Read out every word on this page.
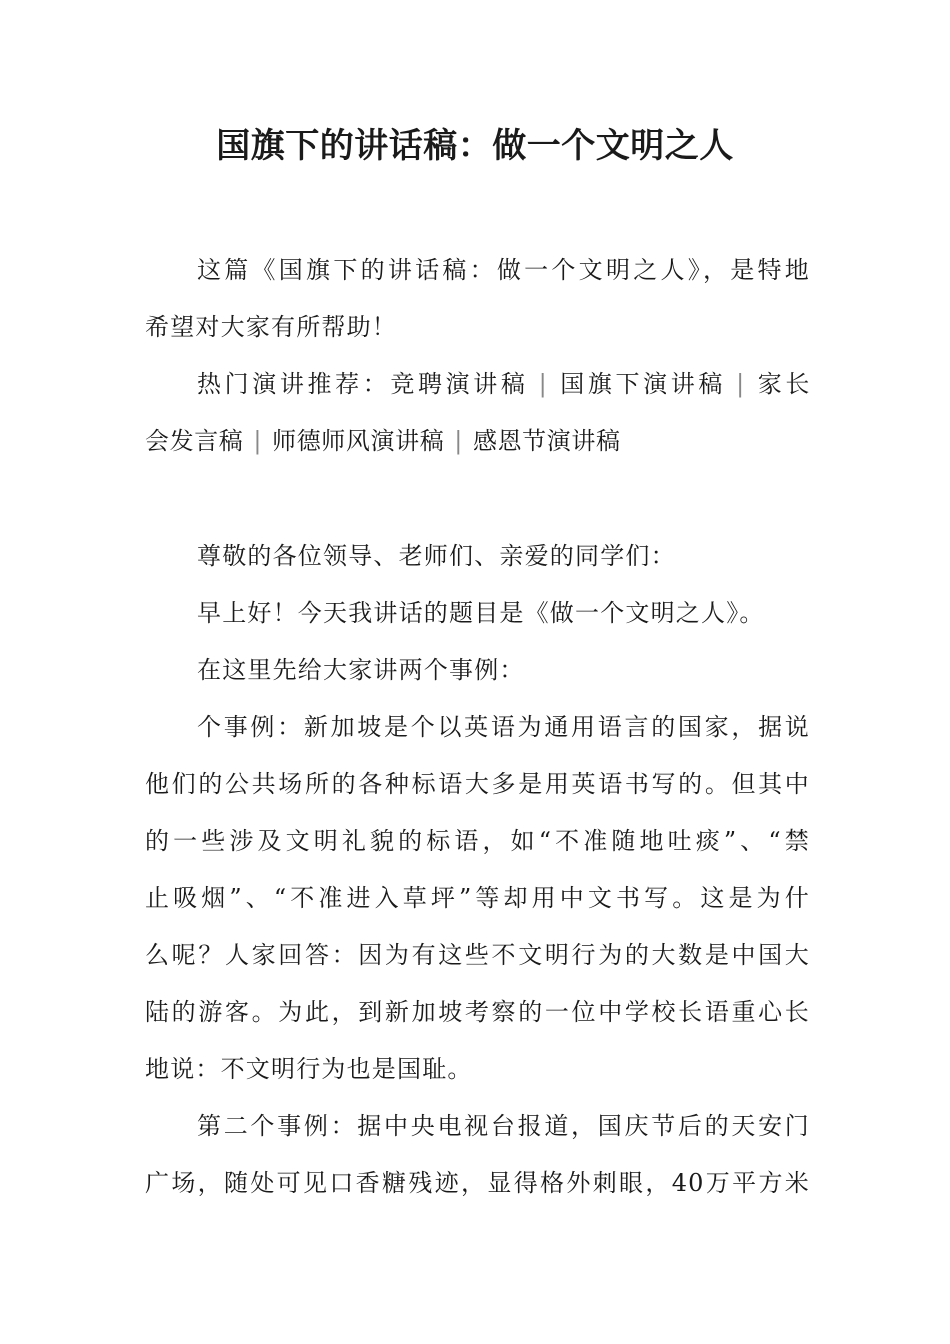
国旗下的讲话稿：做一个文明之人
这篇《国旗下的讲话稿：做一个文明之人》，是特地
希望对大家有所帮助！
热门演讲推荐：竞聘演讲稿 | 国旗下演讲稿 | 家长
会发言稿 | 师德师风演讲稿 | 感恩节演讲稿
尊敬的各位领导、老师们、亲爱的同学们：
早上好！今天我讲话的题目是《做一个文明之人》。
在这里先给大家讲两个事例：
个事例：新加坡是个以英语为通用语言的国家，据说
他们的公共场所的各种标语大多是用英语书写的。但其中
的一些涉及文明礼貌的标语，如“不准随地吐痰”、“禁
止吸烟”、“不准进入草坪”等却用中文书写。这是为什
么呢？人家回答：因为有这些不文明行为的大数是中国大
陆的游客。为此，到新加坡考察的一位中学校长语重心长
地说：不文明行为也是国耻。
第二个事例：据中央电视台报道，国庆节后的天安门
广场，随处可见口香糖残迹，显得格外刺眼，40万平方米
